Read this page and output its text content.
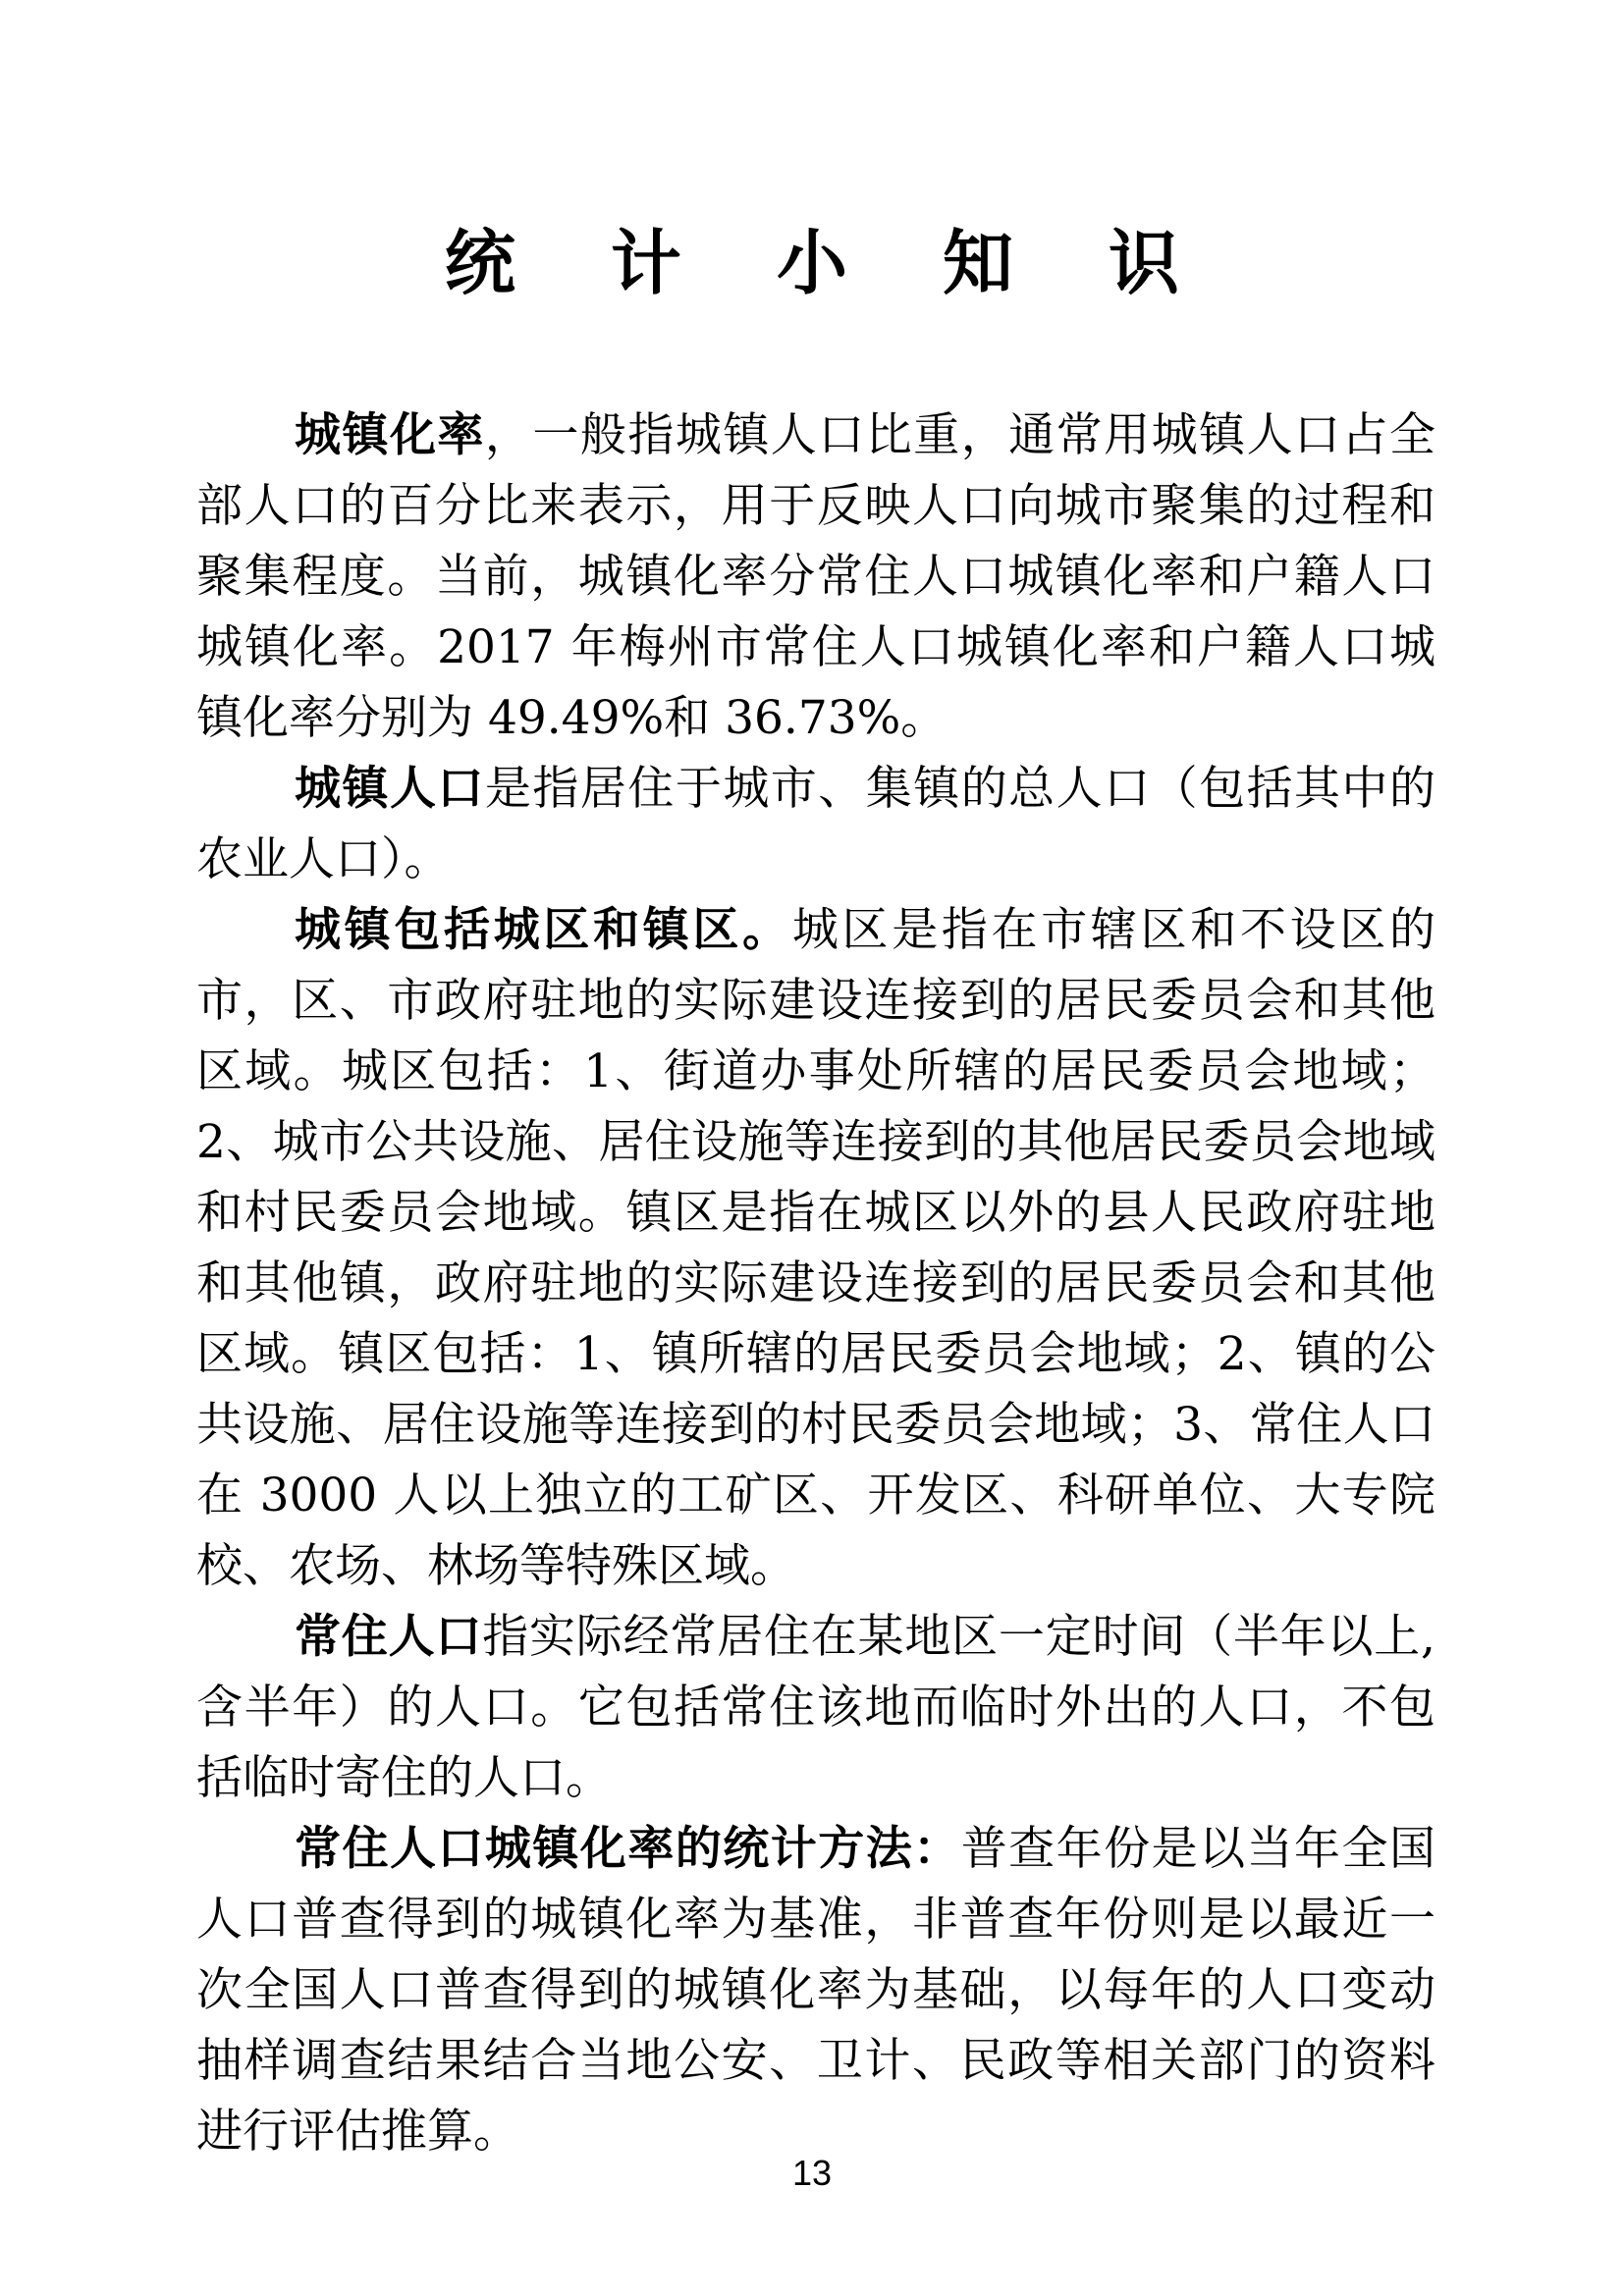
统 计 小 知 识

城镇化率，一般指城镇人口比重，通常用城镇人口占全部人口的百分比来表示，用于反映人口向城市聚集的过程和聚集程度。当前，城镇化率分常住人口城镇化率和户籍人口城镇化率。2017 年梅州市常住人口城镇化率和户籍人口城镇化率分别为 49.49%和 36.73%。

城镇人口是指居住于城市、集镇的总人口（包括其中的农业人口）。

城镇包括城区和镇区。城区是指在市辖区和不设区的市，区、市政府驻地的实际建设连接到的居民委员会和其他区域。城区包括：1、街道办事处所辖的居民委员会地域；2、城市公共设施、居住设施等连接到的其他居民委员会地域和村民委员会地域。镇区是指在城区以外的县人民政府驻地和其他镇，政府驻地的实际建设连接到的居民委员会和其他区域。镇区包括：1、镇所辖的居民委员会地域；2、镇的公共设施、居住设施等连接到的村民委员会地域；3、常住人口在 3000 人以上独立的工矿区、开发区、科研单位、大专院校、农场、林场等特殊区域。

常住人口指实际经常居住在某地区一定时间（半年以上,含半年）的人口。它包括常住该地而临时外出的人口，不包括临时寄住的人口。

常住人口城镇化率的统计方法：普查年份是以当年全国人口普查得到的城镇化率为基准，非普查年份则是以最近一次全国人口普查得到的城镇化率为基础，以每年的人口变动抽样调查结果结合当地公安、卫计、民政等相关部门的资料进行评估推算。

13
